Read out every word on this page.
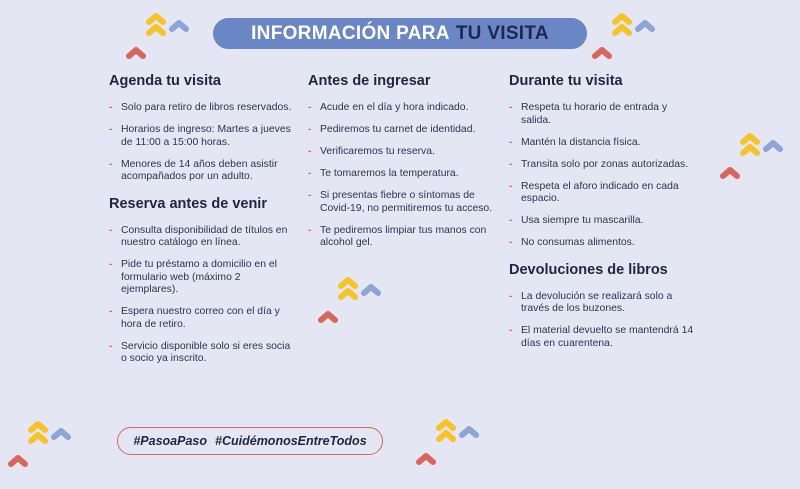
INFORMACIÓN PARA TU VISITA
Agenda tu visita
- Solo para retiro de libros reservados.
- Horarios de ingreso: Martes a jueves de 11:00 a 15:00 horas.
- Menores de 14 años deben asistir acompañados por un adulto.
Reserva antes de venir
- Consulta disponibilidad de títulos en nuestro catálogo en línea.
- Pide tu préstamo a domicilio en el formulario web (máximo 2 ejemplares).
- Espera nuestro correo con el día y hora de retiro.
- Servicio disponible solo si eres socia o socio ya inscrito.
Antes de ingresar
- Acude en el día y hora indicado.
- Pediremos tu carnet de identidad.
- Verificaremos tu reserva.
- Te tomaremos la temperatura.
- Si presentas fiebre o síntomas de Covid-19, no permitiremos tu acceso.
- Te pediremos limpiar tus manos con alcohol gel.
Durante tu visita
- Respeta tu horario de entrada y salida.
- Mantén la distancia física.
- Transita solo por zonas autorizadas.
- Respeta el aforo indicado en cada espacio.
- Usa siempre tu mascarilla.
- No consumas alimentos.
Devoluciones de libros
- La devolución se realizará solo a través de los buzones.
- El material devuelto se mantendrá 14 días en cuarentena.
#PasoaPaso #CuidémonosEntreTodos
